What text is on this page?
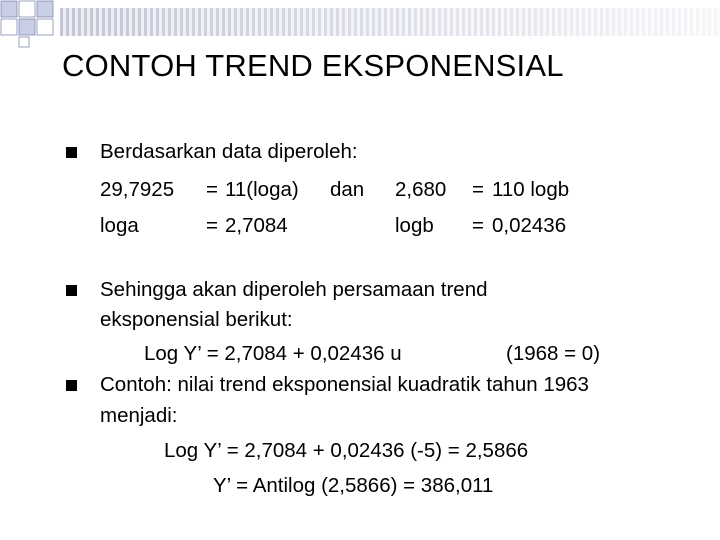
CONTOH TREND EKSPONENSIAL
Berdasarkan data diperoleh:
29,7925 = 11(loga) dan 2,680 = 110 logb
loga	= 2,7084	logb = 0,02436
Sehingga akan diperoleh persamaan trend
eksponensial berikut:
Log Y’ = 2,7084 + 0,02436 u	(1968 = 0)
Contoh: nilai trend eksponensial kuadratik tahun 1963
menjadi:
Log Y’ = 2,7084 + 0,02436 (-5) = 2,5866
Y’ = Antilog (2,5866) = 386,011
